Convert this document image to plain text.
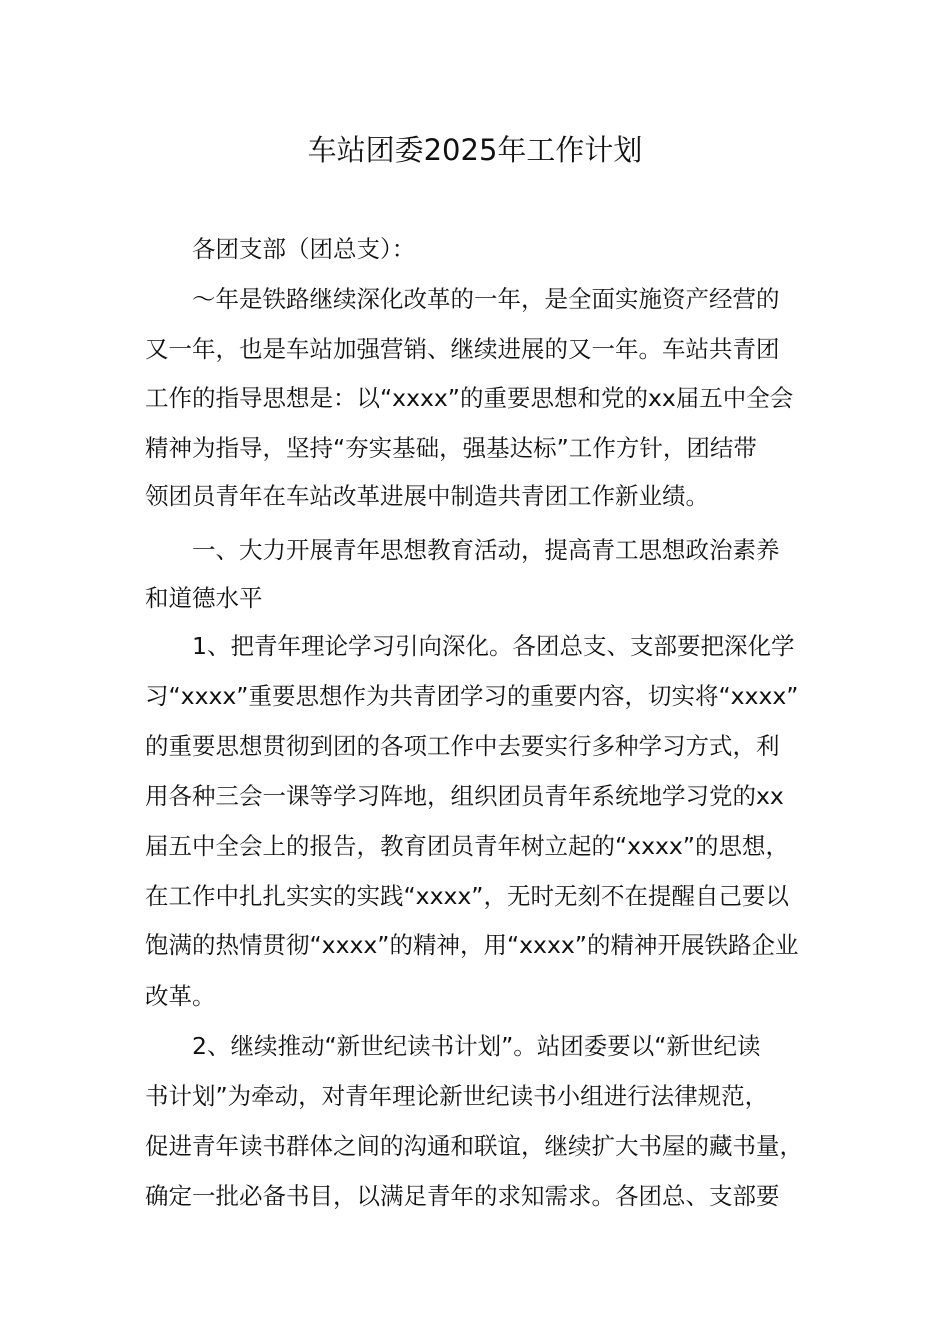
车站团委2025年工作计划
各团支部（团总支）：
～年是铁路继续深化改革的一年，是全面实施资产经营的
又一年，也是车站加强营销、继续进展的又一年。车站共青团
工作的指导思想是：以“xxxx”的重要思想和党的xx届五中全会
精神为指导，坚持“夯实基础，强基达标”工作方针，团结带
领团员青年在车站改革进展中制造共青团工作新业绩。
一、大力开展青年思想教育活动，提高青工思想政治素养
和道德水平
1、把青年理论学习引向深化。各团总支、支部要把深化学
习“xxxx”重要思想作为共青团学习的重要内容，切实将“xxxx”
的重要思想贯彻到团的各项工作中去要实行多种学习方式，利
用各种三会一课等学习阵地，组织团员青年系统地学习党的xx
届五中全会上的报告，教育团员青年树立起的“xxxx”的思想，
在工作中扎扎实实的实践“xxxx”，无时无刻不在提醒自己要以
饱满的热情贯彻“xxxx”的精神，用“xxxx”的精神开展铁路企业
改革。
2、继续推动“新世纪读书计划”。站团委要以“新世纪读
书计划”为牵动，对青年理论新世纪读书小组进行法律规范，
促进青年读书群体之间的沟通和联谊，继续扩大书屋的藏书量，
确定一批必备书目，以满足青年的求知需求。各团总、支部要
